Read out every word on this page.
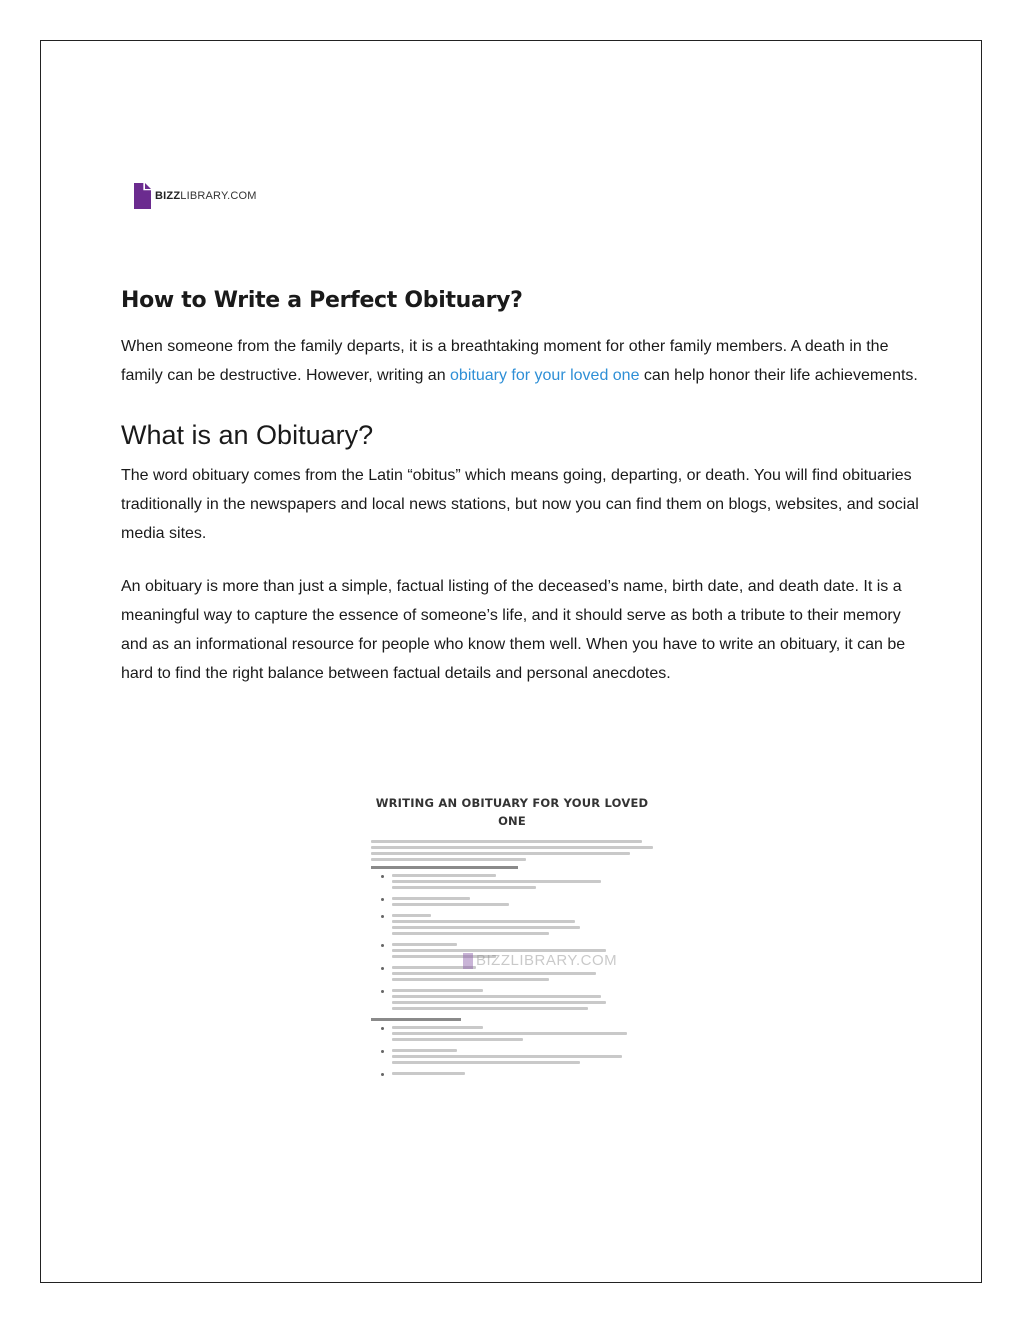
BIZZLIBRARY.COM
How to Write a Perfect Obituary?

When someone from the family departs, it is a breathtaking moment for other family members. A death in the family can be destructive. However, writing an obituary for your loved one can help honor their life achievements.

What is an Obituary?

The word obituary comes from the Latin “obitus” which means going, departing, or death. You will find obituaries traditionally in the newspapers and local news stations, but now you can find them on blogs, websites, and social media sites.

An obituary is more than just a simple, factual listing of the deceased’s name, birth date, and death date. It is a meaningful way to capture the essence of someone’s life, and it should serve as both a tribute to their memory and as an informational resource for people who know them well. When you have to write an obituary, it can be hard to find the right balance between factual details and personal anecdotes.

WRITING AN OBITUARY FOR YOUR LOVED
ONE
BIZZLIBRARY.COM
